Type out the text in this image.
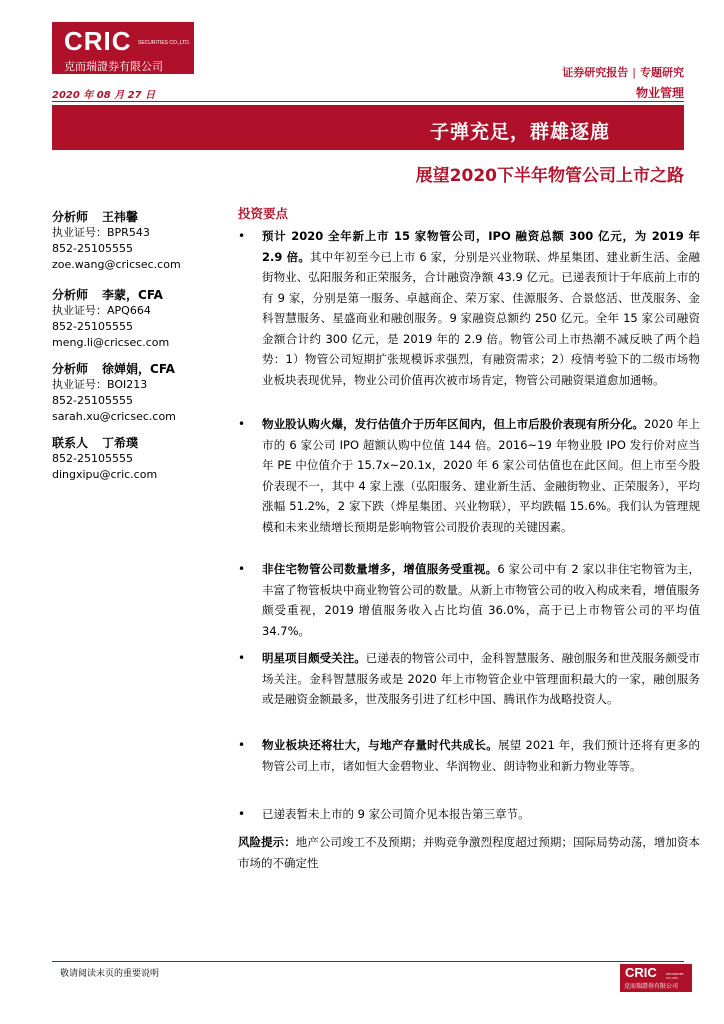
CRIC SECURITIES CO.,LTD.
克而瑞證券有限公司	证券研究报告 | 专题研究
2020 年 08 月 27 日	物业管理
子弹充足，群雄逐鹿
展望2020下半年物管公司上市之路
分析师 王祎馨
执业证号：BPR543
852-25105555
zoe.wang@cricsec.com
分析师 李蒙，CFA
执业证号：APQ664
852-25105555
meng.li@cricsec.com
分析师 徐婵娟，CFA
执业证号：BOI213
852-25105555
sarah.xu@cricsec.com
联系人 丁希璞
852-25105555
dingxipu@cric.com
投资要点
• 预计 2020 全年新上市 15 家物管公司，IPO 融资总额 300 亿元，为 2019 年 2.9 倍。其中年初至今已上市 6 家，分别是兴业物联、烨星集团、建业新生活、金融街物业、弘阳服务和正荣服务，合计融资净额 43.9 亿元。已递表预计于年底前上市的有 9 家，分别是第一服务、卓越商企、荣万家、佳源服务、合景悠活、世茂服务、金科智慧服务、星盛商业和融创服务。9 家融资总额约 250 亿元。全年 15 家公司融资金额合计约 300 亿元，是 2019 年的 2.9 倍。物管公司上市热潮不减反映了两个趋势：1）物管公司短期扩张规模诉求强烈，有融资需求；2）疫情考验下的二级市场物业板块表现优异，物业公司价值再次被市场肯定，物管公司融资渠道愈加通畅。
• 物业股认购火爆，发行估值介于历年区间内，但上市后股价表现有所分化。2020 年上市的 6 家公司 IPO 超额认购中位值 144 倍。2016~19 年物业股 IPO 发行价对应当年 PE 中位值介于 15.7x~20.1x，2020 年 6 家公司估值也在此区间。但上市至今股价表现不一，其中 4 家上涨（弘阳服务、建业新生活、金融街物业、正荣服务），平均涨幅 51.2%，2 家下跌（烨星集团、兴业物联），平均跌幅 15.6%。我们认为管理规模和未来业绩增长预期是影响物管公司股价表现的关键因素。
• 非住宅物管公司数量增多，增值服务受重视。6 家公司中有 2 家以非住宅物管为主，丰富了物管板块中商业物管公司的数量。从新上市物管公司的收入构成来看，增值服务颇受重视，2019 增值服务收入占比均值 36.0%，高于已上市物管公司的平均值 34.7%。
• 明星项目颇受关注。已递表的物管公司中，金科智慧服务、融创服务和世茂服务颇受市场关注。金科智慧服务或是 2020 年上市物管企业中管理面积最大的一家，融创服务或是融资金额最多，世茂服务引进了红杉中国、腾讯作为战略投资人。
• 物业板块还将壮大，与地产存量时代共成长。展望 2021 年，我们预计还将有更多的物管公司上市，诸如恒大金碧物业、华润物业、朗诗物业和新力物业等等。
• 已递表暂未上市的 9 家公司简介见本报告第三章节。
风险提示：地产公司竣工不及预期；并购竞争激烈程度超过预期；国际局势动荡，增加资本市场的不确定性
敬请阅读末页的重要说明	CRIC	SECURITIES CO.,LTD.
克而瑞證券有限公司
